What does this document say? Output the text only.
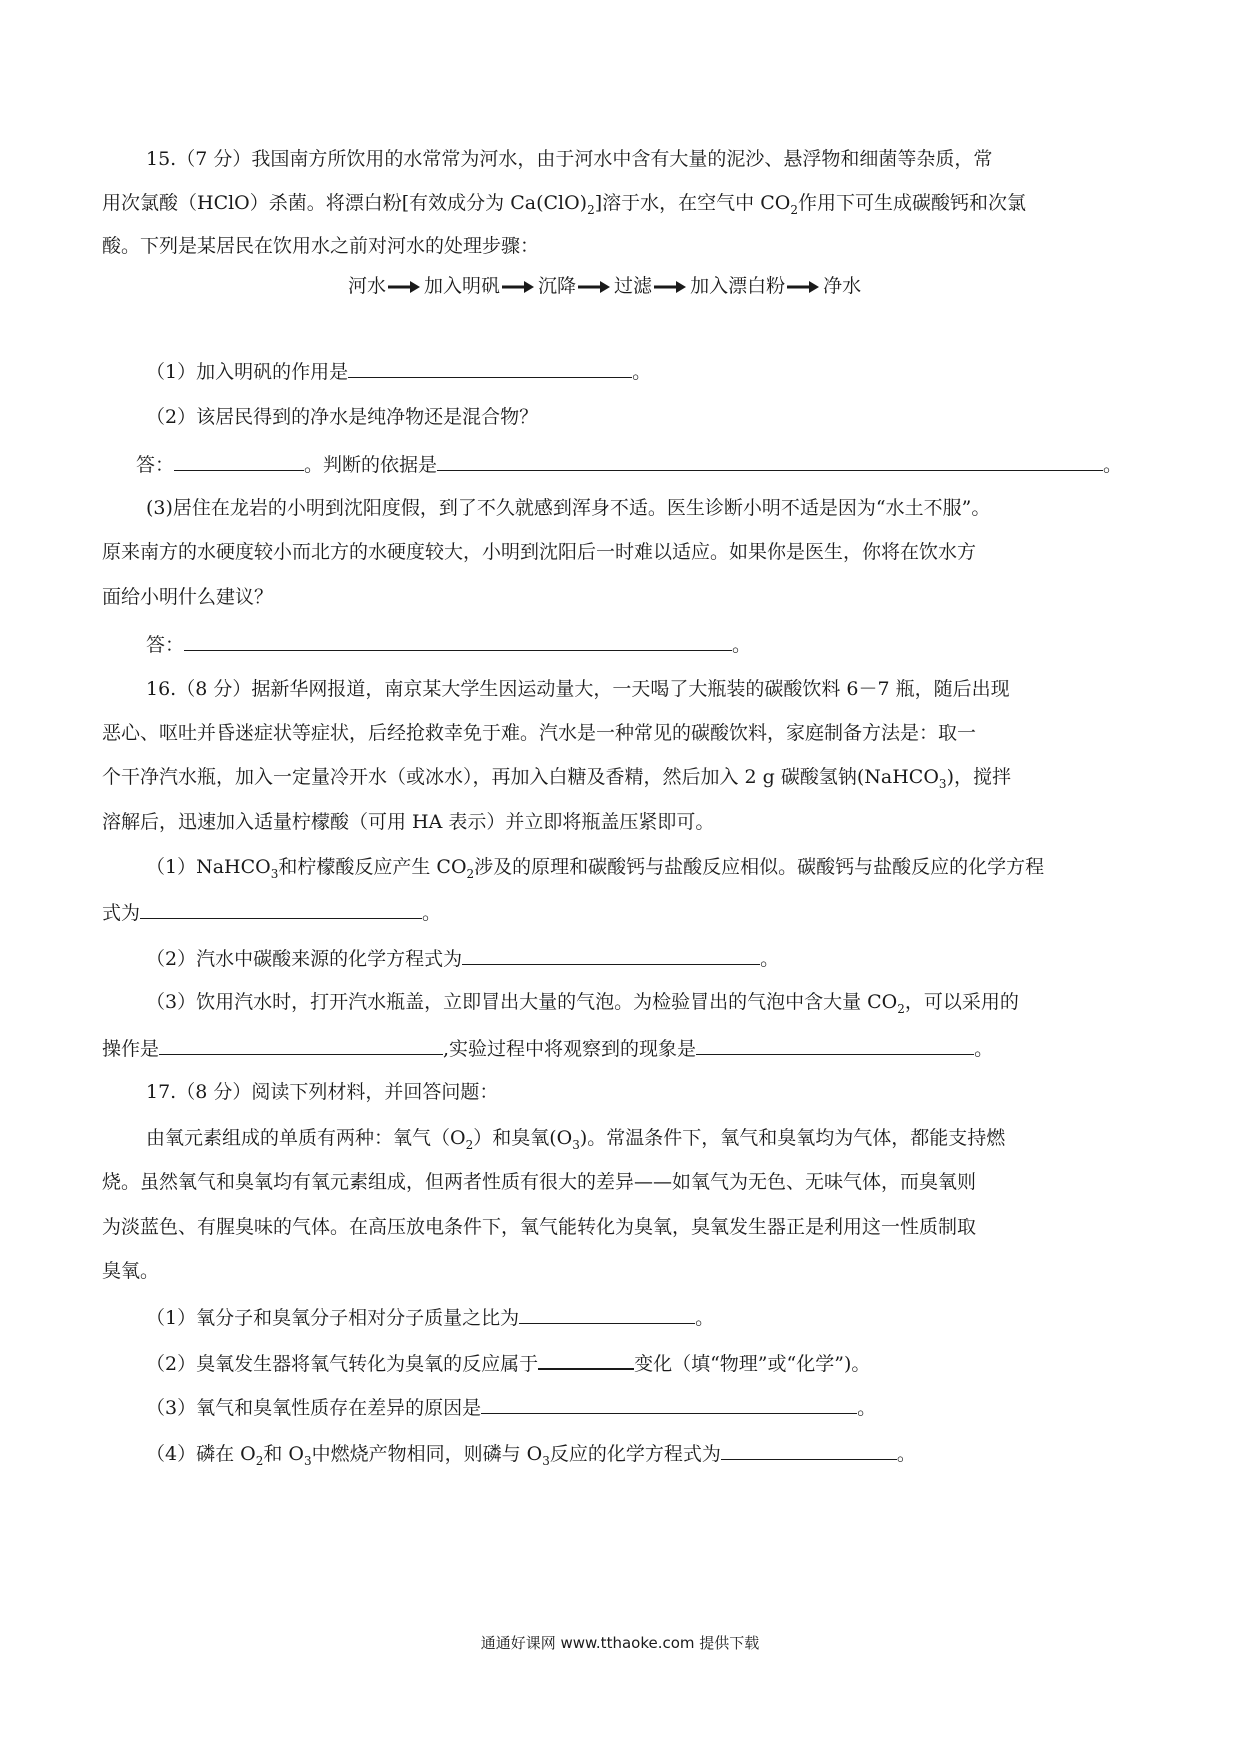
15.（7 分）我国南方所饮用的水常常为河水，由于河水中含有大量的泥沙、悬浮物和细菌等杂质，常
用次氯酸（HClO）杀菌。将漂白粉[有效成分为 $Ca(ClO)_2$]溶于水，在空气中 $CO_2$作用下可生成碳酸钙和次氯
酸。下列是某居民在饮用水之前对河水的处理步骤：
河水 加入明矾 沉降 过滤 加入漂白粉 净水
（1）加入明矾的作用是	。
（2）该居民得到的净水是纯净物还是混合物？
答：	。判断的依据是	。
(3)居住在龙岩的小明到沈阳度假，到了不久就感到浑身不适。医生诊断小明不适是因为“水土不服”。
原来南方的水硬度较小而北方的水硬度较大，小明到沈阳后一时难以适应。如果你是医生，你将在饮水方
面给小明什么建议？
答：	。
16.（8 分）据新华网报道，南京某大学生因运动量大，一天喝了大瓶装的碳酸饮料 6－7 瓶，随后出现
恶心、呕吐并昏迷症状等症状，后经抢救幸免于难。汽水是一种常见的碳酸饮料，家庭制备方法是：取一
个干净汽水瓶，加入一定量冷开水（或冰水），再加入白糖及香精，然后加入 2 g 碳酸氢钠(NaHCO$_3$)，搅拌
溶解后，迅速加入适量柠檬酸（可用 HA 表示）并立即将瓶盖压紧即可。
（1）NaHCO$_3$和柠檬酸反应产生 $CO_2$涉及的原理和碳酸钙与盐酸反应相似。碳酸钙与盐酸反应的化学方程
式为	。
（2）汽水中碳酸来源的化学方程式为	。
（3）饮用汽水时，打开汽水瓶盖，立即冒出大量的气泡。为检验冒出的气泡中含大量 $CO_2$，可以采用的
操作是	,实验过程中将观察到的现象是	。
17.（8 分）阅读下列材料，并回答问题：
由氧元素组成的单质有两种：氧气$(O_2)$和臭氧$(O_3)$。常温条件下，氧气和臭氧均为气体，都能支持燃
烧。虽然氧气和臭氧均有氧元素组成，但两者性质有很大的差异——如氧气为无色、无味气体，而臭氧则
为淡蓝色、有腥臭味的气体。在高压放电条件下，氧气能转化为臭氧，臭氧发生器正是利用这一性质制取
臭氧。
（1）氧分子和臭氧分子相对分子质量之比为	。
（2）臭氧发生器将氧气转化为臭氧的反应属于	变化（填“物理”或“化学”)。
（3）氧气和臭氧性质存在差异的原因是	。
（4）磷在 $O_2$和 $O_3$中燃烧产物相同，则磷与 $O_3$反应的化学方程式为	。
通通好课网 www.tthaoke.com 提供下载
